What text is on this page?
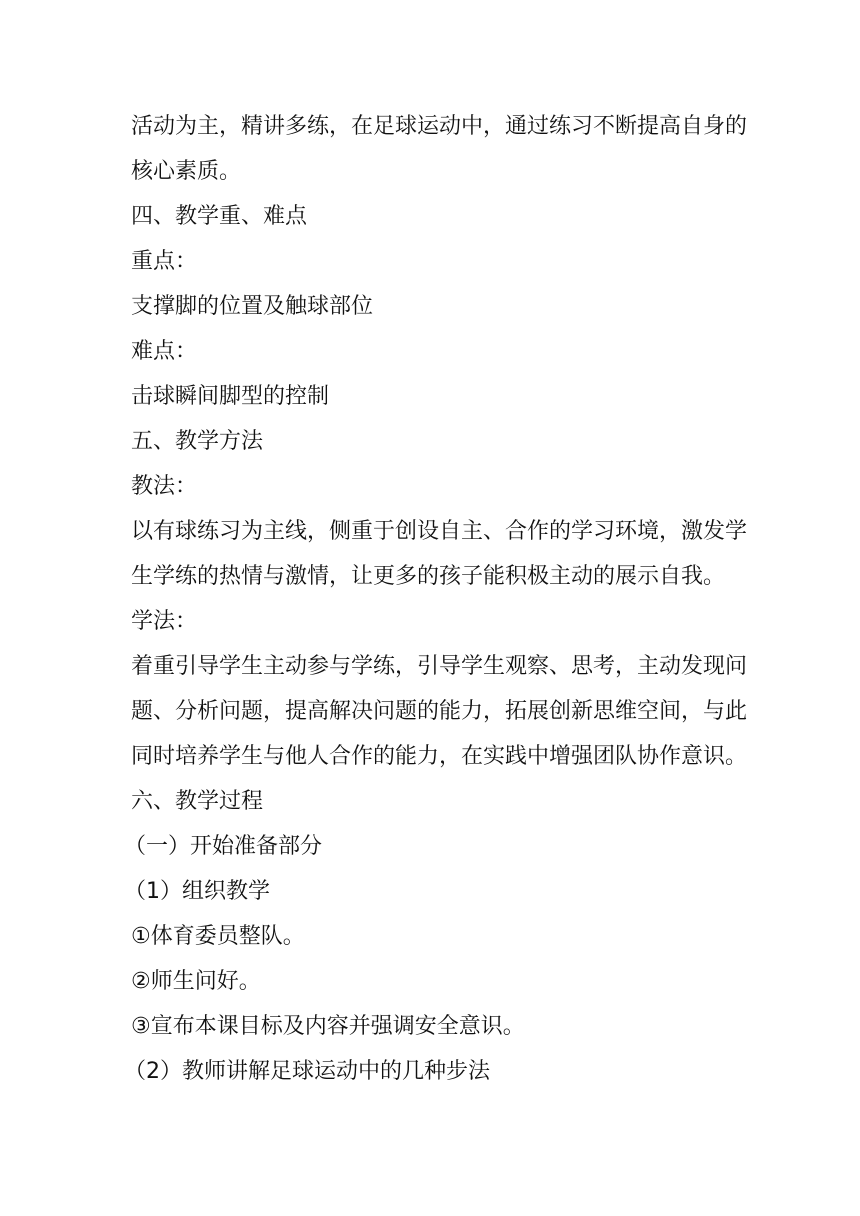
活动为主，精讲多练，在足球运动中，通过练习不断提高自身的
核心素质。
四、教学重、难点
重点：
支撑脚的位置及触球部位
难点：
击球瞬间脚型的控制
五、教学方法
教法：
以有球练习为主线，侧重于创设自主、合作的学习环境，激发学
生学练的热情与激情，让更多的孩子能积极主动的展示自我。
学法：
着重引导学生主动参与学练，引导学生观察、思考，主动发现问
题、分析问题，提高解决问题的能力，拓展创新思维空间，与此
同时培养学生与他人合作的能力，在实践中增强团队协作意识。
六、教学过程
（一）开始准备部分
（1）组织教学
①体育委员整队。
②师生问好。
③宣布本课目标及内容并强调安全意识。
（2）教师讲解足球运动中的几种步法
